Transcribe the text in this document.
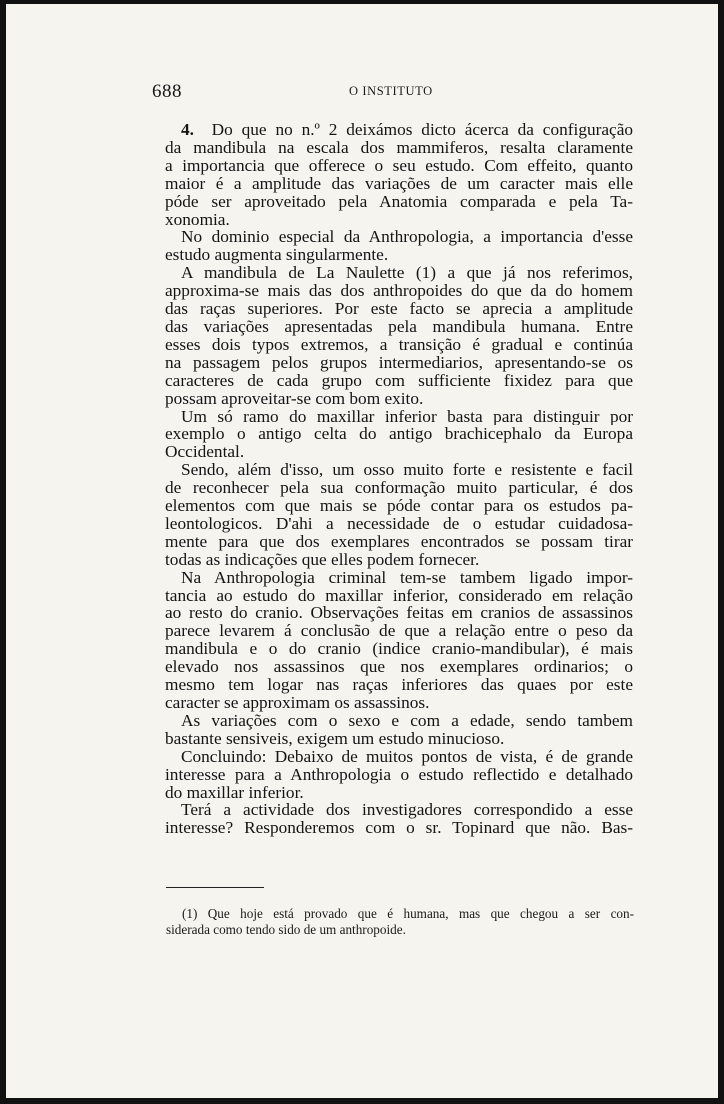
688	O INSTITUTO
4. Do que no n.º 2 deixámos dicto ácerca da configuração
da mandibula na escala dos mammiferos, resalta claramente
a importancia que offerece o seu estudo. Com effeito, quanto
maior é a amplitude das variações de um caracter mais elle
póde ser aproveitado pela Anatomia comparada e pela Ta-
xonomia.
No dominio especial da Anthropologia, a importancia d'esse
estudo augmenta singularmente.
A mandibula de La Naulette (1) a que já nos referimos,
approxima-se mais das dos anthropoides do que da do homem
das raças superiores. Por este facto se aprecia a amplitude
das variações apresentadas pela mandibula humana. Entre
esses dois typos extremos, a transição é gradual e continúa
na passagem pelos grupos intermediarios, apresentando-se os
caracteres de cada grupo com sufficiente fixidez para que
possam aproveitar-se com bom exito.
Um só ramo do maxillar inferior basta para distinguir por
exemplo o antigo celta do antigo brachicephalo da Europa
Occidental.
Sendo, além d'isso, um osso muito forte e resistente e facil
de reconhecer pela sua conformação muito particular, é dos
elementos com que mais se póde contar para os estudos pa-
leontologicos. D'ahi a necessidade de o estudar cuidadosa-
mente para que dos exemplares encontrados se possam tirar
todas as indicações que elles podem fornecer.
Na Anthropologia criminal tem-se tambem ligado impor-
tancia ao estudo do maxillar inferior, considerado em relação
ao resto do cranio. Observações feitas em cranios de assassinos
parece levarem á conclusão de que a relação entre o peso da
mandibula e o do cranio (indice cranio-mandibular), é mais
elevado nos assassinos que nos exemplares ordinarios; o
mesmo tem logar nas raças inferiores das quaes por este
caracter se approximam os assassinos.
As variações com o sexo e com a edade, sendo tambem
bastante sensiveis, exigem um estudo minucioso.
Concluindo: Debaixo de muitos pontos de vista, é de grande
interesse para a Anthropologia o estudo reflectido e detalhado
do maxillar inferior.
Terá a actividade dos investigadores correspondido a esse
interesse? Responderemos com o sr. Topinard que não. Bas-
(1) Que hoje está provado que é humana, mas que chegou a ser con-
siderada como tendo sido de um anthropoide.
